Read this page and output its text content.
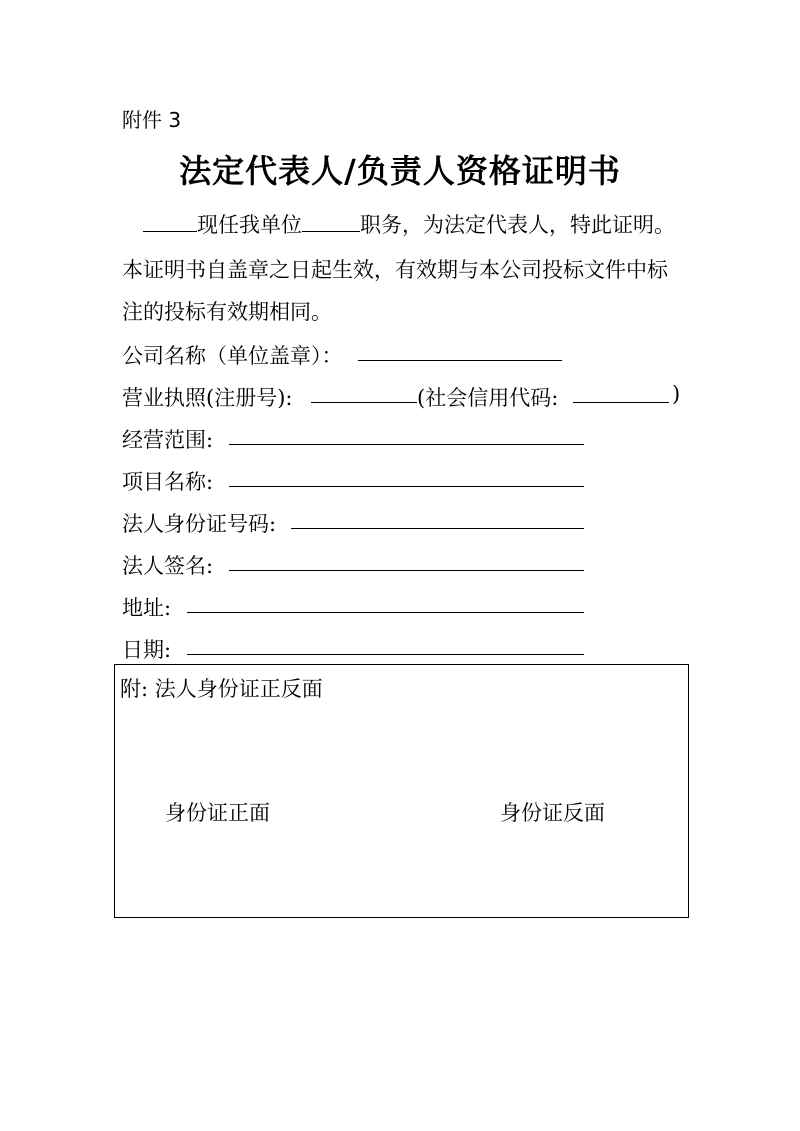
附件 3
法定代表人/负责人资格证明书
现任我单位	职务，为法定代表人，特此证明。
本证明书自盖章之日起生效，有效期与本公司投标文件中标
注的投标有效期相同。
公司名称（单位盖章）：
营业执照(注册号):	(社会信用代码:	)
经营范围:
项目名称:
法人身份证号码:
法人签名:
地址:
日期:
附: 法人身份证正反面
身份证正面	身份证反面
